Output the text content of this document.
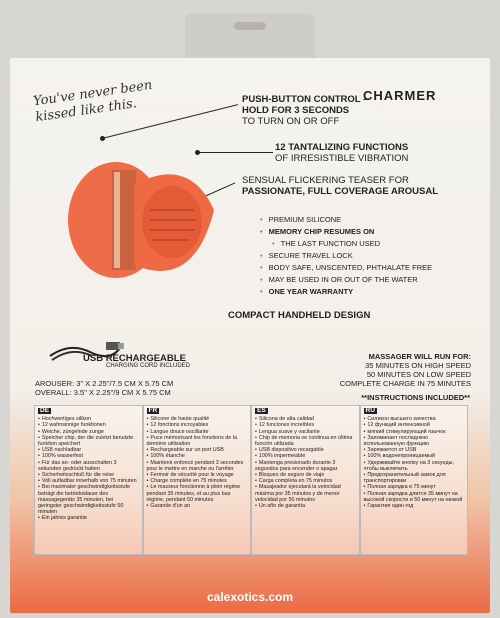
CHARMER
You've never been kissed like this.	PUSH-BUTTON CONTROL –
HOLD FOR 3 SECONDS
TO TURN ON OR OFF
12 TANTALIZING FUNCTIONS
OF IRRESISTIBLE VIBRATION
SENSUAL FLICKERING TEASER FOR
PASSIONATE, FULL COVERAGE AROUSAL
• PREMIUM SILICONE
• MEMORY CHIP RESUMES ON
• THE LAST FUNCTION USED
• SECURE TRAVEL LOCK
• BODY SAFE, UNSCENTED, PHTHALATE FREE
• MAY BE USED IN OR OUT OF THE WATER
• ONE YEAR WARRANTY
COMPACT HANDHELD DESIGN
USB RECHARGEABLE
CHARGING CORD INCLUDED
MASSAGER WILL RUN FOR:
35 MINUTES ON HIGH SPEED
50 MINUTES ON LOW SPEED
COMPLETE CHARGE IN 75 MINUTES
AROUSER: 3" X 2.25"/7.5 CM X 5.75 CM
OVERALL: 3.5" X 2.25"/9 CM X 5.75 CM
**INSTRUCTIONS INCLUDED**
DE
• Hochwertiges silikon
• 12 wahnsinnige funktionen
• Weiche, züngelnde zunge
• Speicher chip, der die zuletzt benutzte funktion speichert
• USB nachladbar
• 100% wasserfest
• Für das an- oder ausschalten 3 sekunden gedrückt halten
• Sicherheitsschloß für die reise
• Voll aufladbar innerhalb von 75 minuten
• Bei maximaler geschwindigkeitsstufe beträgt die betriebsdauer des massagegeräts 35 minuten, bei geringster geschwindigkeitsstufe 50 minuten
• Ein jahres garantie
FR
• Silicone de haute qualité
• 12 fonctions incroyables
• Langue douce oscillante
• Puce mémorisant les fonctions de la dernière utilisation
• Rechargeable sur un port USB
• 100% étanche
• Maintenir enfoncé pendant 3 secondes pour le mettre en marche ou l'arrêter
• Fermoir de sécurité pour le voyage
• Charge complète en 75 minutes
• Le masseur fonctionne à plein régime pendant 35 minutes, et au plus bas régime, pendant 50 minutes
• Garantie d'un an
ES
• Silicona de alta calidad
• 12 funciones increíbles
• Lengua suave y vacilante
• Chip de memoria se continua en última función utilizada
• USB dispositivo recargable
• 100% impermeable
• Mantenga presionado durante 3 segundos para encender o apagar
• Bloqueo de seguro de viaje
• Carga completa en 75 minutos
• Masajeador ejecutará la velocidad máxima por 35 minutos y de menor velocidad por 50 minutos
• Un año de garantía
RU
• Силикон высшего качества
• 12 функций интенсивной
• мягкий стимулирующий язычок
• Запоминает последнюю использованную функцию
• Заряжается от USB
• 100% водонепроницаемый
• Удерживайте кнопку на 3 секунды, чтобы выключить
• Предохранительный замок для транспортировки
• Полная зарядка в 75 минут
• Полная зарядка длится 35 минут на высокой скорости и 50 минут на низкой
• Гарантия один год
calexotics.com
